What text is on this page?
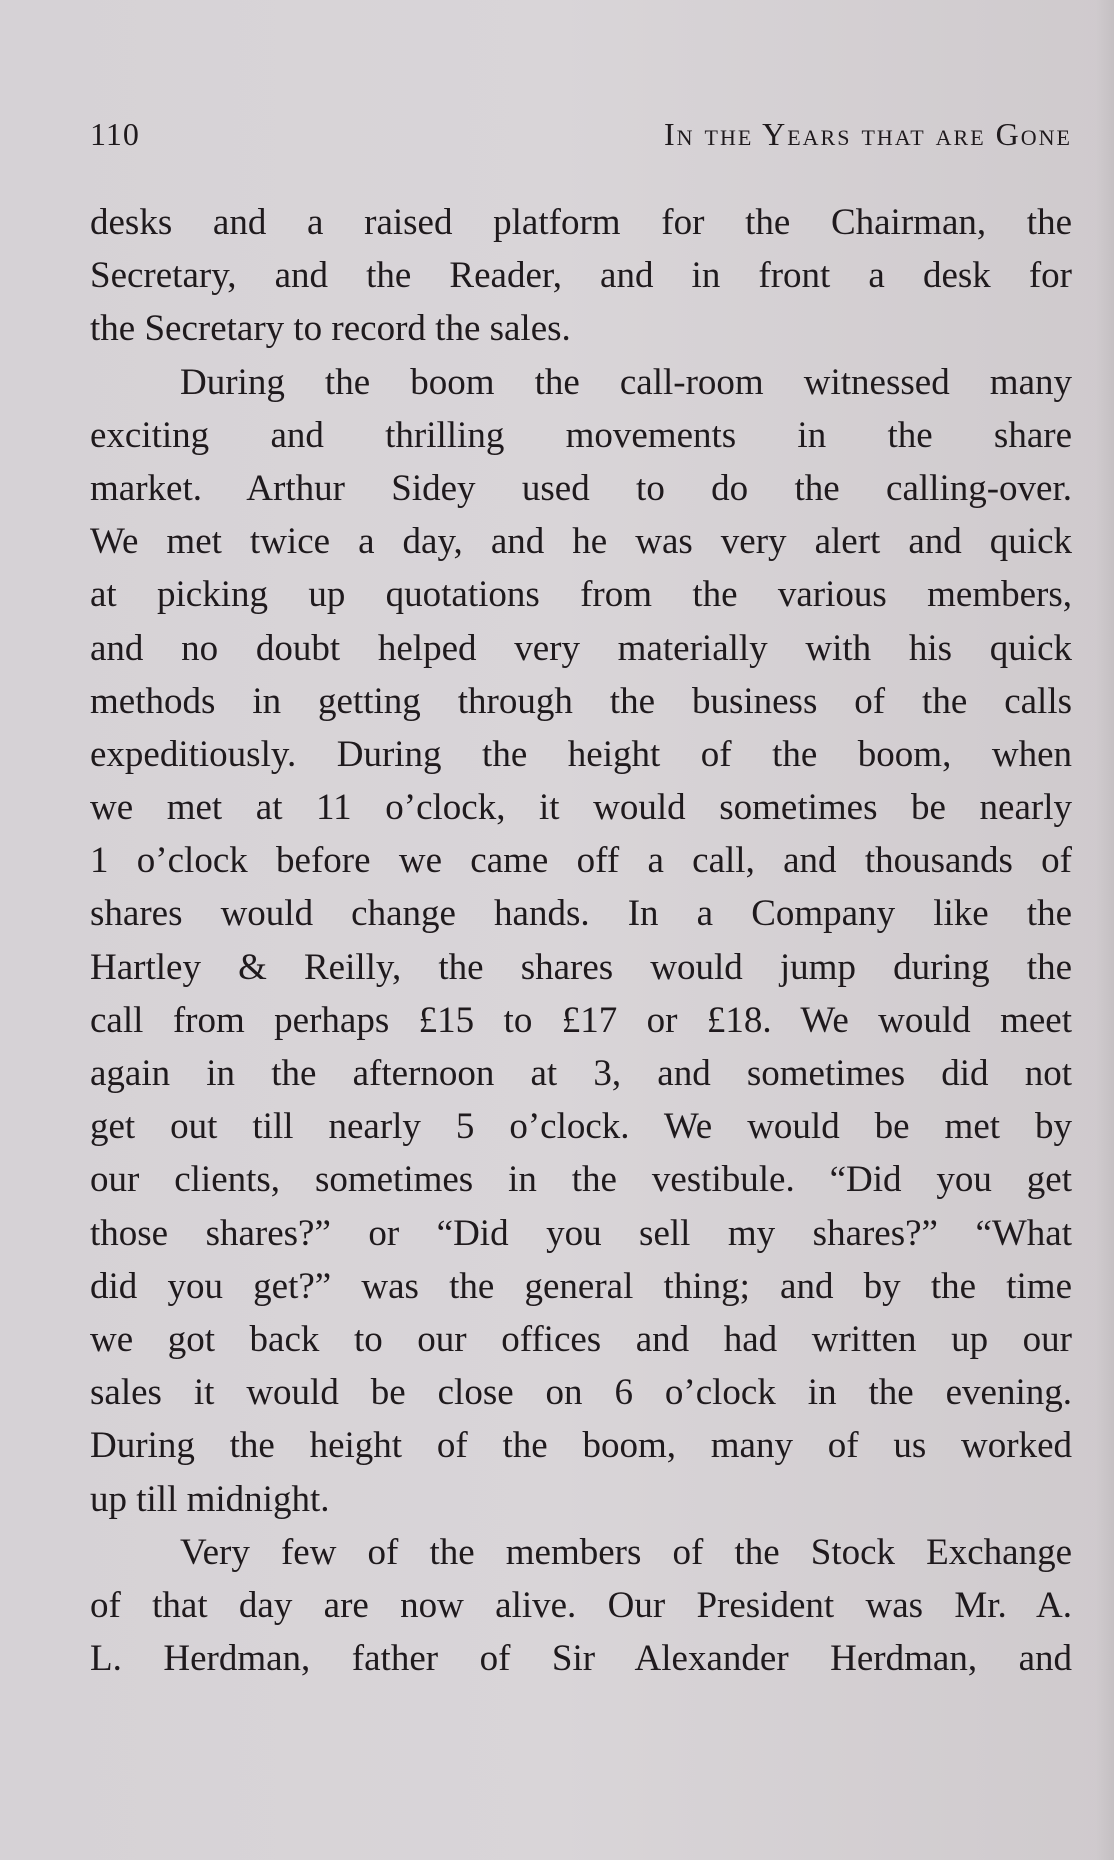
110	In the Years that are Gone
desks and a raised platform for the Chairman, the
Secretary, and the Reader, and in front a desk for
the Secretary to record the sales.
During the boom the call-room witnessed many
exciting and thrilling movements in the share
market. Arthur Sidey used to do the calling-over.
We met twice a day, and he was very alert and quick
at picking up quotations from the various members,
and no doubt helped very materially with his quick
methods in getting through the business of the calls
expeditiously. During the height of the boom, when
we met at 11 o’clock, it would sometimes be nearly
1 o’clock before we came off a call, and thousands of
shares would change hands. In a Company like the
Hartley & Reilly, the shares would jump during the
call from perhaps £15 to £17 or £18. We would meet
again in the afternoon at 3, and sometimes did not
get out till nearly 5 o’clock. We would be met by
our clients, sometimes in the vestibule. “Did you get
those shares?” or “Did you sell my shares?” “What
did you get?” was the general thing; and by the time
we got back to our offices and had written up our
sales it would be close on 6 o’clock in the evening.
During the height of the boom, many of us worked
up till midnight.
Very few of the members of the Stock Exchange
of that day are now alive. Our President was Mr. A.
L. Herdman, father of Sir Alexander Herdman, and
